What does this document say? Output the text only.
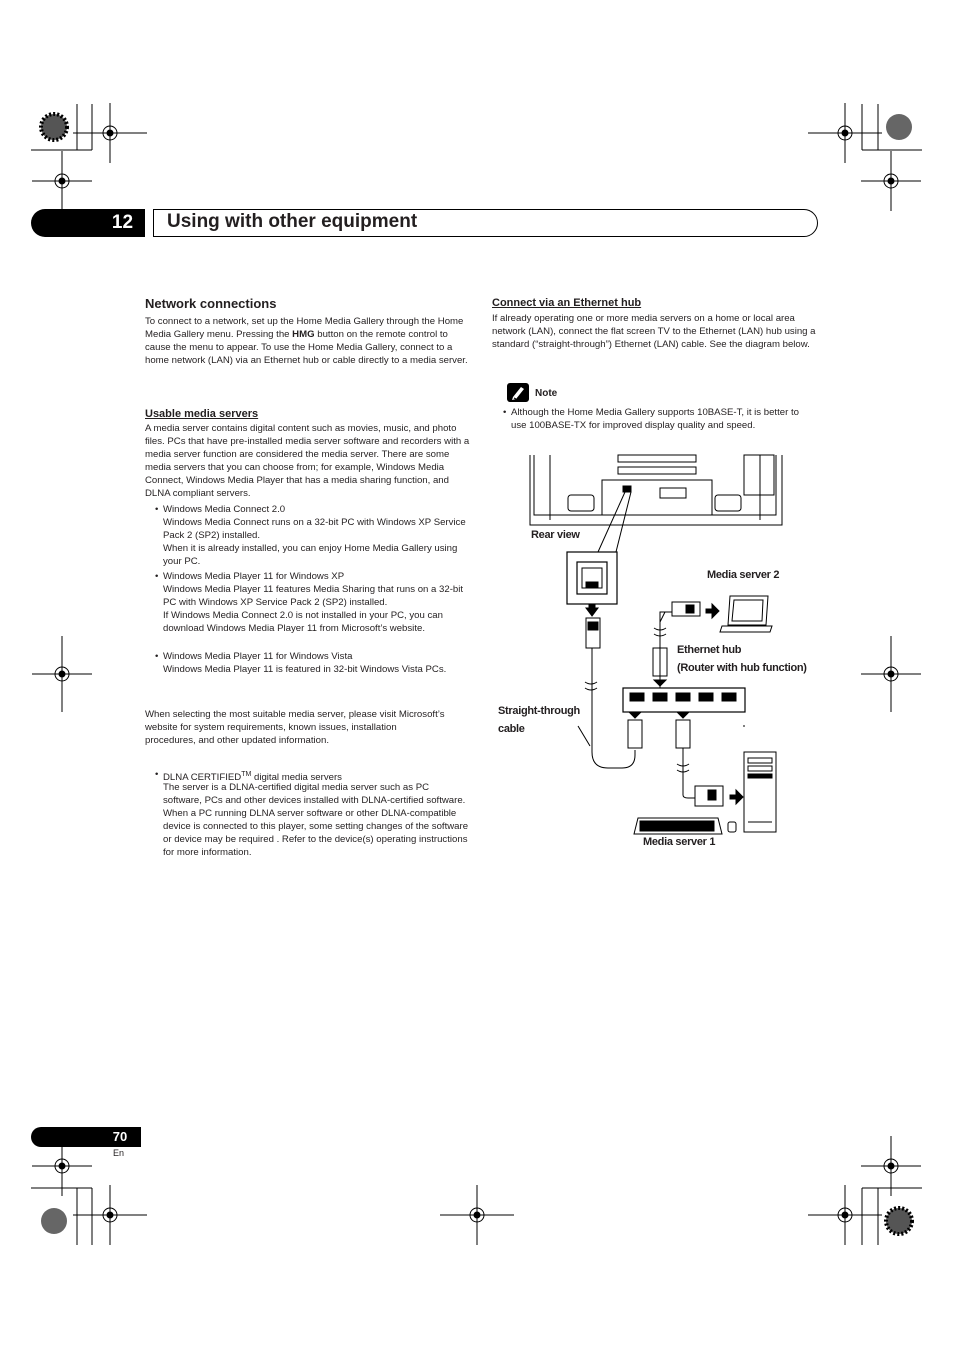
12	Using with other equipment
Network connections

To connect to a network, set up the Home Media Gallery through the Home Media Gallery menu. Pressing the HMG button on the remote control to cause the menu to appear. To use the Home Media Gallery, connect to a home network (LAN) via an Ethernet hub or cable directly to a media server.

Usable media servers

A media server contains digital content such as movies, music, and photo files. PCs that have pre-installed media server software and recorders with a media server function are considered the media server. There are some media servers that you can choose from; for example, Windows Media Connect, Windows Media Player that has a media sharing function, and DLNA compliant servers.

• Windows Media Connect 2.0
Windows Media Connect runs on a 32-bit PC with Windows XP Service Pack 2 (SP2) installed.
When it is already installed, you can enjoy Home Media Gallery using your PC.
• Windows Media Player 11 for Windows XP
Windows Media Player 11 features Media Sharing that runs on a 32-bit PC with Windows XP Service Pack 2 (SP2) installed.
If Windows Media Connect 2.0 is not installed in your PC, you can download Windows Media Player 11 from Microsoft’s website.
• Windows Media Player 11 for Windows Vista
Windows Media Player 11 is featured in 32-bit Windows Vista PCs.

When selecting the most suitable media server, please visit Microsoft’s website for system requirements, known issues, installation procedures, and other updated information.

• DLNA CERTIFIED™ digital media servers

The server is a DLNA-certified digital media server such as PC software, PCs and other devices installed with DLNA-certified software. When a PC running DLNA server software or other DLNA-compatible device is connected to this player, some setting changes of the software or device may be required . Refer to the device(s) operating instructions for more information.

Connect via an Ethernet hub

If already operating one or more media servers on a home or local area network (LAN), connect the flat screen TV to the Ethernet (LAN) hub using a standard (“straight-through”) Ethernet (LAN) cable. See the diagram below.

Note
• Although the Home Media Gallery supports 10BASE-T, it is better to use 100BASE-TX for improved display quality and speed.
Rear view
Media server 2
Ethernet hub
(Router with hub function)
Straight-through
cable
Media server 1
70
En
